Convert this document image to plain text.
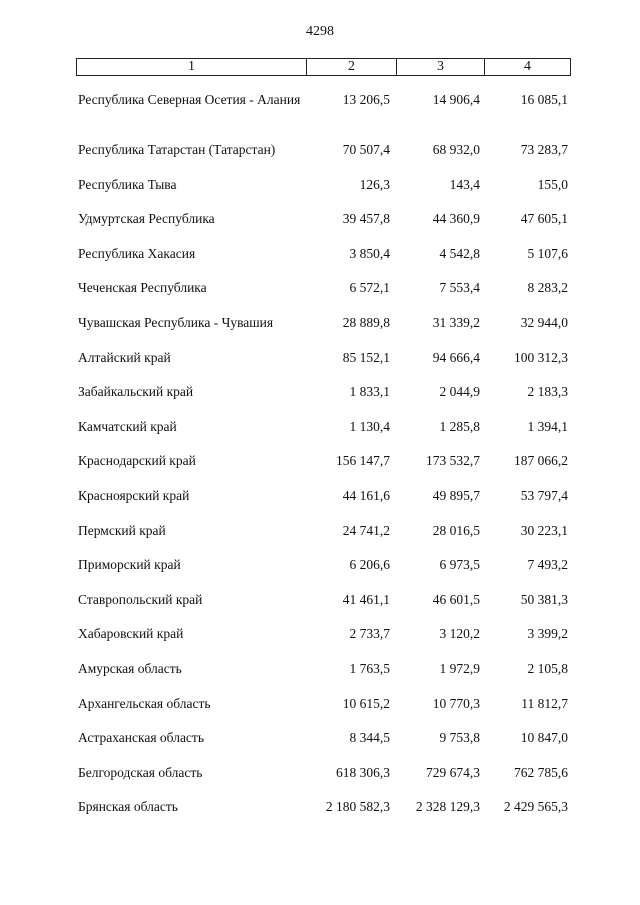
4298
1	2	3	4
Республика Северная Осетия - Алания	13 206,5	14 906,4	16 085,1
Республика Татарстан (Татарстан)	70 507,4	68 932,0	73 283,7
Республика Тыва	126,3	143,4	155,0
Удмуртская Республика	39 457,8	44 360,9	47 605,1
Республика Хакасия	3 850,4	4 542,8	5 107,6
Чеченская Республика	6 572,1	7 553,4	8 283,2
Чувашская Республика - Чувашия	28 889,8	31 339,2	32 944,0
Алтайский край	85 152,1	94 666,4	100 312,3
Забайкальский край	1 833,1	2 044,9	2 183,3
Камчатский край	1 130,4	1 285,8	1 394,1
Краснодарский край	156 147,7	173 532,7	187 066,2
Красноярский край	44 161,6	49 895,7	53 797,4
Пермский край	24 741,2	28 016,5	30 223,1
Приморский край	6 206,6	6 973,5	7 493,2
Ставропольский край	41 461,1	46 601,5	50 381,3
Хабаровский край	2 733,7	3 120,2	3 399,2
Амурская область	1 763,5	1 972,9	2 105,8
Архангельская область	10 615,2	10 770,3	11 812,7
Астраханская область	8 344,5	9 753,8	10 847,0
Белгородская область	618 306,3	729 674,3	762 785,6
Брянская область	2 180 582,3	2 328 129,3	2 429 565,3
